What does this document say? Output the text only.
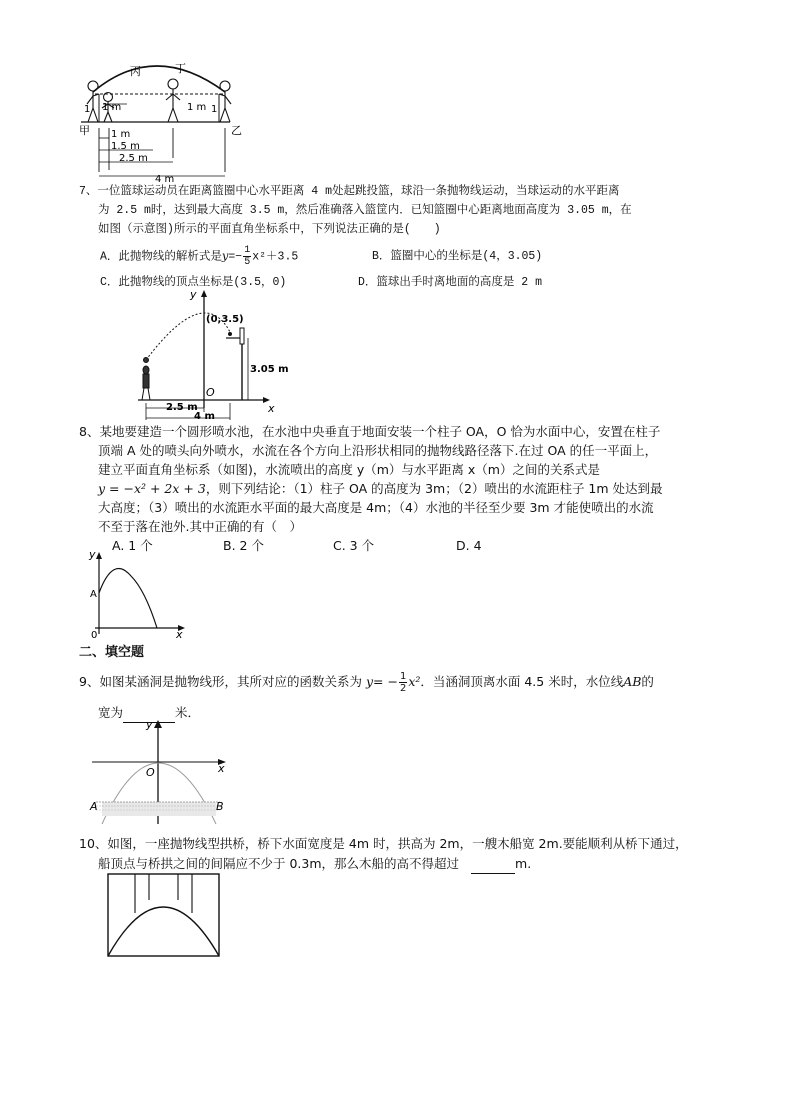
丙	丁
甲	乙
1 1 m	1 m 1
1 m
1.5 m
2.5 m
4 m
7、一位篮球运动员在距离篮圈中心水平距离 4 m处起跳投篮，球沿一条抛物线运动，当球运动的水平距离
为 2.5 m时，达到最大高度 3.5 m，然后准确落入篮筐内．已知篮圈中心距离地面高度为 3.05 m，在
如图（示意图)所示的平面直角坐标系中，下列说法正确的是(　　)
A．此抛物线的解析式是$y=- \frac{1}{5} x^2+3.5$	B．篮圈中心的坐标是(4，3.05)
C．此抛物线的顶点坐标是(3.5，0)	D．篮球出手时离地面的高度是 2 m
y
x
O
(0,3.5)
3.05 m
2.5 m
4 m
8、某地要建造一个圆形喷水池，在水池中央垂直于地面安装一个柱子 OA，O 恰为水面中心，安置在柱子
顶端 A 处的喷头向外喷水，水流在各个方向上沿形状相同的抛物线路径落下.在过 OA 的任一平面上，
建立平面直角坐标系（如图)，水流喷出的高度 y（m）与水平距离 x（m）之间的关系式是
y = −x² + 2x + 3，则下列结论：（1）柱子 OA 的高度为 3m；（2）喷出的水流距柱子 1m 处达到最
大高度；（3）喷出的水流距水平面的最大高度是 4m；（4）水池的半径至少要 3m 才能使喷出的水流
不至于落在池外.其中正确的有（　）
A. 1 个	B. 2 个	C. 3 个	D. 4
y
x
A
0
二、填空题
9、如图某涵洞是抛物线形，其所对应的函数关系为 $y= - \frac{1}{2} x^2$．当涵洞顶离水面 4.5 米时，水位线AB的
宽为	米．
y
x
O
A	B
10、如图，一座抛物线型拱桥，桥下水面宽度是 4m 时，拱高为 2m，一艘木船宽 2m.要能顺利从桥下通过，
船顶点与桥拱之间的间隔应不少于 0.3m，那么木船的高不得超过	m.
